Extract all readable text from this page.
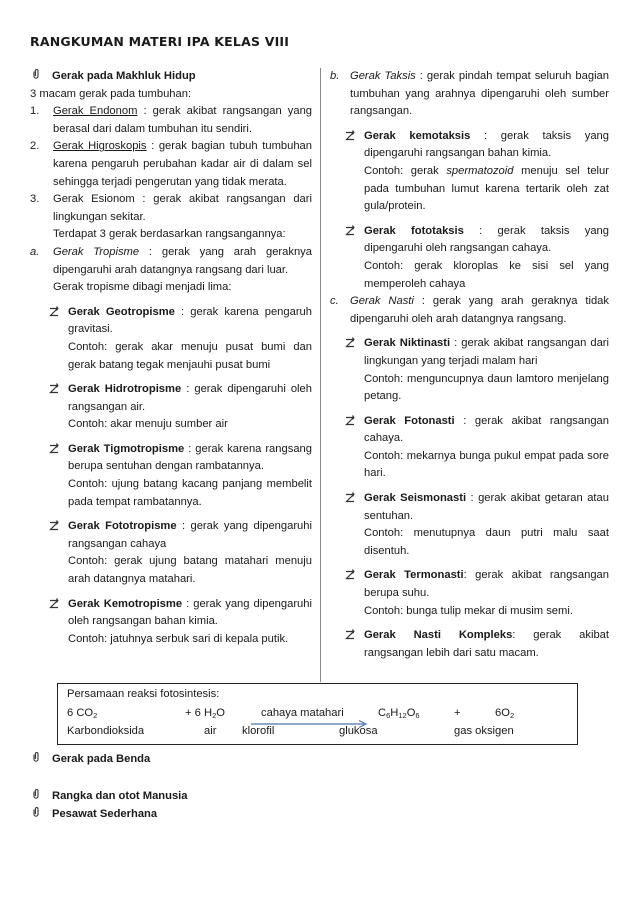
RANGKUMAN MATERI IPA KELAS VIII
Gerak pada Makhluk Hidup
3 macam gerak pada tumbuhan:
1. Gerak Endonom : gerak akibat rangsangan yang berasal dari dalam tumbuhan itu sendiri.
2. Gerak Higroskopis : gerak bagian tubuh tumbuhan karena pengaruh perubahan kadar air di dalam sel sehingga terjadi pengerutan yang tidak merata.
3. Gerak Esionom : gerak akibat rangsangan dari lingkungan sekitar.
Terdapat 3 gerak berdasarkan rangsangannya:
a. Gerak Tropisme : gerak yang arah geraknya dipengaruhi arah datangnya rangsang dari luar.
Gerak tropisme dibagi menjadi lima:
Gerak Geotropisme : gerak karena pengaruh gravitasi.
Contoh: gerak akar menuju pusat bumi dan gerak batang tegak menjauhi pusat bumi
Gerak Hidrotropisme : gerak dipengaruhi oleh rangsangan air.
Contoh: akar menuju sumber air
Gerak Tigmotropisme : gerak karena rangsang berupa sentuhan dengan rambatannya.
Contoh: ujung batang kacang panjang membelit pada tempat rambatannya.
Gerak Fototropisme : gerak yang dipengaruhi rangsangan cahaya
Contoh: gerak ujung batang matahari menuju arah datangnya matahari.
Gerak Kemotropisme : gerak yang dipengaruhi oleh rangsangan bahan kimia.
Contoh: jatuhnya serbuk sari di kepala putik.
b. Gerak Taksis : gerak pindah tempat seluruh bagian tumbuhan yang arahnya dipengaruhi oleh sumber rangsangan.
Gerak kemotaksis : gerak taksis yang dipengaruhi rangsangan bahan kimia.
Contoh: gerak spermatozoid menuju sel telur pada tumbuhan lumut karena tertarik oleh zat gula/protein.
Gerak fototaksis : gerak taksis yang dipengaruhi oleh rangsangan cahaya.
Contoh: gerak kloroplas ke sisi sel yang memperoleh cahaya
c. Gerak Nasti : gerak yang arah geraknya tidak dipengaruhi oleh arah datangnya rangsang.
Gerak Niktinasti : gerak akibat rangsangan dari lingkungan yang terjadi malam hari
Contoh: menguncupnya daun lamtoro menjelang petang.
Gerak Fotonasti : gerak akibat rangsangan cahaya.
Contoh: mekarnya bunga pukul empat pada sore hari.
Gerak Seismonasti : gerak akibat getaran atau sentuhan.
Contoh: menutupnya daun putri malu saat disentuh.
Gerak Termonasti: gerak akibat rangsangan berupa suhu.
Contoh: bunga tulip mekar di musim semi.
Gerak Nasti Kompleks: gerak akibat rangsangan lebih dari satu macam.
Persamaan reaksi fotosintesis:
6 $CO_2$	+ 6 $H_2O$	cahaya matahari	$C_6H_{12}O_6$	+	$6O_2$
Karbondioksida	air klorofil	glukosa	gas oksigen
Gerak pada Benda
Rangka dan otot Manusia
Pesawat Sederhana
